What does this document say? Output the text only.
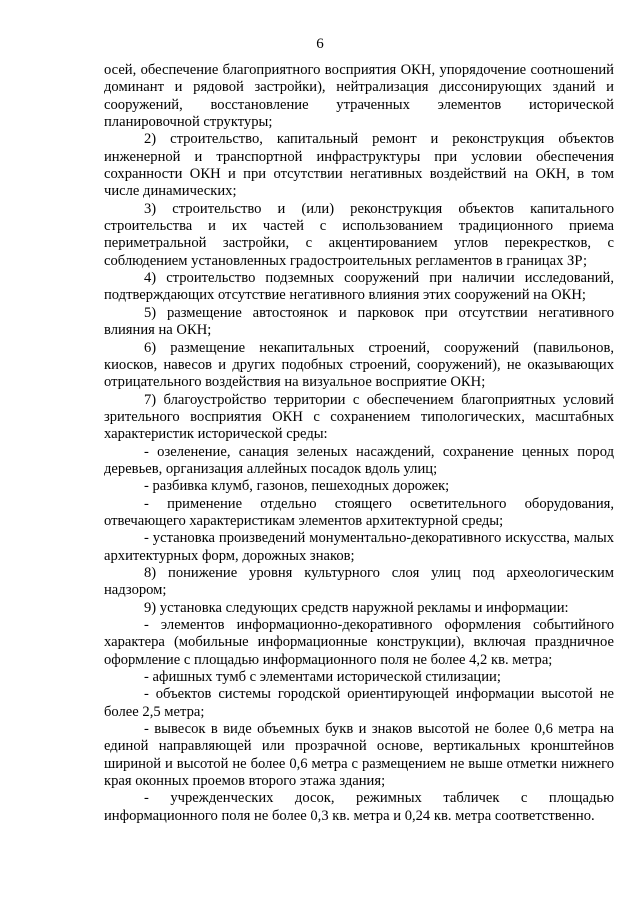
6

осей, обеспечение благоприятного восприятия ОКН, упорядочение соотношений доминант и рядовой застройки), нейтрализация диссонирующих зданий и сооружений, восстановление утраченных элементов исторической планировочной структуры;

2) строительство, капитальный ремонт и реконструкция объектов инженерной и транспортной инфраструктуры при условии обеспечения сохранности ОКН и при отсутствии негативных воздействий на ОКН, в том числе динамических;

3) строительство и (или) реконструкция объектов капитального строительства и их частей с использованием традиционного приема периметральной застройки, с акцентированием углов перекрестков, с соблюдением установленных градостроительных регламентов в границах ЗР;

4) строительство подземных сооружений при наличии исследований, подтверждающих отсутствие негативного влияния этих сооружений на ОКН;

5) размещение автостоянок и парковок при отсутствии негативного влияния на ОКН;

6) размещение некапитальных строений, сооружений (павильонов, киосков, навесов и других подобных строений, сооружений), не оказывающих отрицательного воздействия на визуальное восприятие ОКН;

7) благоустройство территории с обеспечением благоприятных условий зрительного восприятия ОКН с сохранением типологических, масштабных характеристик исторической среды:

- озеленение, санация зеленых насаждений, сохранение ценных пород деревьев, организация аллейных посадок вдоль улиц;

- разбивка клумб, газонов, пешеходных дорожек;

- применение отдельно стоящего осветительного оборудования, отвечающего характеристикам элементов архитектурной среды;

- установка произведений монументально-декоративного искусства, малых архитектурных форм, дорожных знаков;

8) понижение уровня культурного слоя улиц под археологическим надзором;

9) установка следующих средств наружной рекламы и информации:

- элементов информационно-декоративного оформления событийного характера (мобильные информационные конструкции), включая праздничное оформление с площадью информационного поля не более 4,2 кв. метра;

- афишных тумб с элементами исторической стилизации;

- объектов системы городской ориентирующей информации высотой не более 2,5 метра;

- вывесок в виде объемных букв и знаков высотой не более 0,6 метра на единой направляющей или прозрачной основе, вертикальных кронштейнов шириной и высотой не более 0,6 метра с размещением не выше отметки нижнего края оконных проемов второго этажа здания;

- учрежденческих досок, режимных табличек с площадью информационного поля не более 0,3 кв. метра и 0,24 кв. метра соответственно.
